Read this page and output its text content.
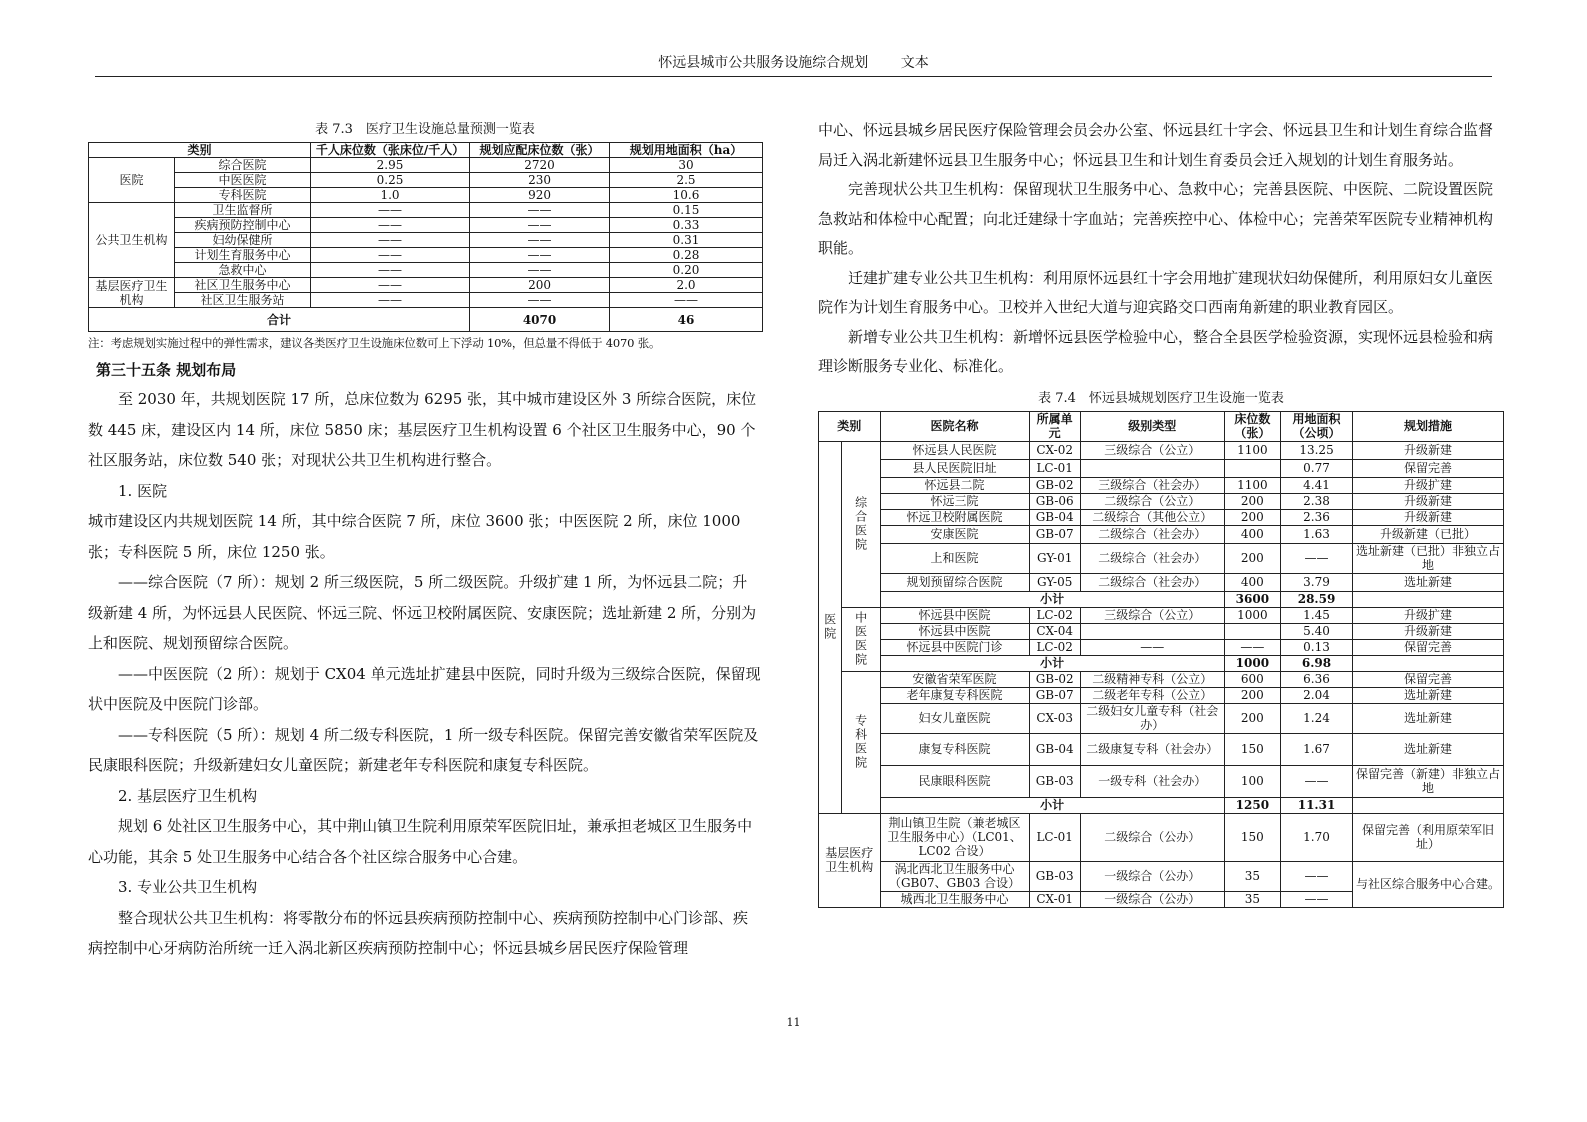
怀远县城市公共服务设施综合规划 文本
表 7.3　医疗卫生设施总量预测一览表
类别		千人床位数（张床位/千人）	规划应配床位数（张）	规划用地面积（ha）
医院	综合医院	2.95	2720	30
	中医医院	0.25	230	2.5
	专科医院	1.0	920	10.6
公共卫生机构	卫生监督所	——	——	0.15
	疾病预防控制中心	——	——	0.33
	妇幼保健所	——	——	0.31
	计划生育服务中心	——	——	0.28
	急救中心	——	——	0.20
基层医疗卫生机构	社区卫生服务中心	——	200	2.0
	社区卫生服务站	——	——	——
合计			4070	46
注：考虑规划实施过程中的弹性需求，建议各类医疗卫生设施床位数可上下浮动 10%，但总量不得低于 4070 张。
第三十五条 规划布局

至 2030 年，共规划医院 17 所，总床位数为 6295 张，其中城市建设区外 3 所综合医院，床位数 445 床，建设区内 14 所，床位 5850 床；基层医疗卫生机构设置 6 个社区卫生服务中心，90 个社区服务站，床位数 540 张；对现状公共卫生机构进行整合。

1. 医院

城市建设区内共规划医院 14 所，其中综合医院 7 所，床位 3600 张；中医医院 2 所，床位 1000 张；专科医院 5 所，床位 1250 张。

——综合医院（7 所）：规划 2 所三级医院，5 所二级医院。升级扩建 1 所，为怀远县二院；升级新建 4 所，为怀远县人民医院、怀远三院、怀远卫校附属医院、安康医院；选址新建 2 所，分别为上和医院、规划预留综合医院。

——中医医院（2 所）：规划于 CX04 单元选址扩建县中医院，同时升级为三级综合医院，保留现状中医院及中医院门诊部。

——专科医院（5 所）：规划 4 所二级专科医院，1 所一级专科医院。保留完善安徽省荣军医院及民康眼科医院；升级新建妇女儿童医院；新建老年专科医院和康复专科医院。

2. 基层医疗卫生机构

规划 6 处社区卫生服务中心，其中荆山镇卫生院利用原荣军医院旧址，兼承担老城区卫生服务中心功能，其余 5 处卫生服务中心结合各个社区综合服务中心合建。

3. 专业公共卫生机构

整合现状公共卫生机构：将零散分布的怀远县疾病预防控制中心、疾病预防控制中心门诊部、疾病控制中心牙病防治所统一迁入涡北新区疾病预防控制中心；怀远县城乡居民医疗保险管理

中心、怀远县城乡居民医疗保险管理会员会办公室、怀远县红十字会、怀远县卫生和计划生育综合监督局迁入涡北新建怀远县卫生服务中心；怀远县卫生和计划生育委员会迁入规划的计划生育服务站。

完善现状公共卫生机构：保留现状卫生服务中心、急救中心；完善县医院、中医院、二院设置医院急救站和体检中心配置；向北迁建绿十字血站；完善疾控中心、体检中心；完善荣军医院专业精神机构职能。

迁建扩建专业公共卫生机构：利用原怀远县红十字会用地扩建现状妇幼保健所，利用原妇女儿童医院作为计划生育服务中心。卫校并入世纪大道与迎宾路交口西南角新建的职业教育园区。

新增专业公共卫生机构：新增怀远县医学检验中心，整合全县医学检验资源，实现怀远县检验和病理诊断服务专业化、标准化。

表 7.4　怀远县城规划医疗卫生设施一览表
类别		医院名称	所属单元	级别类型	床位数（张）	用地面积（公顷）	规划措施
医院	综合医院	怀远县人民医院	CX-02	三级综合（公立）	1100	13.25	升级新建
		县人民医院旧址	LC-01			0.77	保留完善
		怀远县二院	GB-02	三级综合（社会办）	1100	4.41	升级扩建
		怀远三院	GB-06	二级综合（公立）	200	2.38	升级新建
		怀远卫校附属医院	GB-04	二级综合（其他公立）	200	2.36	升级新建
		安康医院	GB-07	二级综合（社会办）	400	1.63	升级新建（已批）
		上和医院	GY-01	二级综合（社会办）	200	——	选址新建（已批）非独立占地
		规划预留综合医院	GY-05	二级综合（社会办）	400	3.79	选址新建
		小计			3600	28.59	
	中医医院	怀远县中医院	LC-02	三级综合（公立）	1000	1.45	升级扩建
		怀远县中医院	CX-04			5.40	升级新建
		怀远县中医院门诊	LC-02	——	——	0.13	保留完善
		小计			1000	6.98	
	专科医院	安徽省荣军医院	GB-02	二级精神专科（公立）	600	6.36	保留完善
		老年康复专科医院	GB-07	二级老年专科（公立）	200	2.04	选址新建
		妇女儿童医院	CX-03	二级妇女儿童专科（社会办）	200	1.24	选址新建
		康复专科医院	GB-04	二级康复专科（社会办）	150	1.67	选址新建
		民康眼科医院	GB-03	一级专科（社会办）	100	——	保留完善（新建）非独立占地
		小计			1250	11.31	
基层医疗卫生机构		荆山镇卫生院（兼老城区卫生服务中心）（LC01、LC02 合设）	LC-01	二级综合（公办）	150	1.70	保留完善（利用原荣军旧址）
		涡北西北卫生服务中心（GB07、GB03 合设）	GB-03	一级综合（公办）	35	——	与社区综合服务中心合建。
		城西北卫生服务中心	CX-01	一级综合（公办）	35	——	
11
